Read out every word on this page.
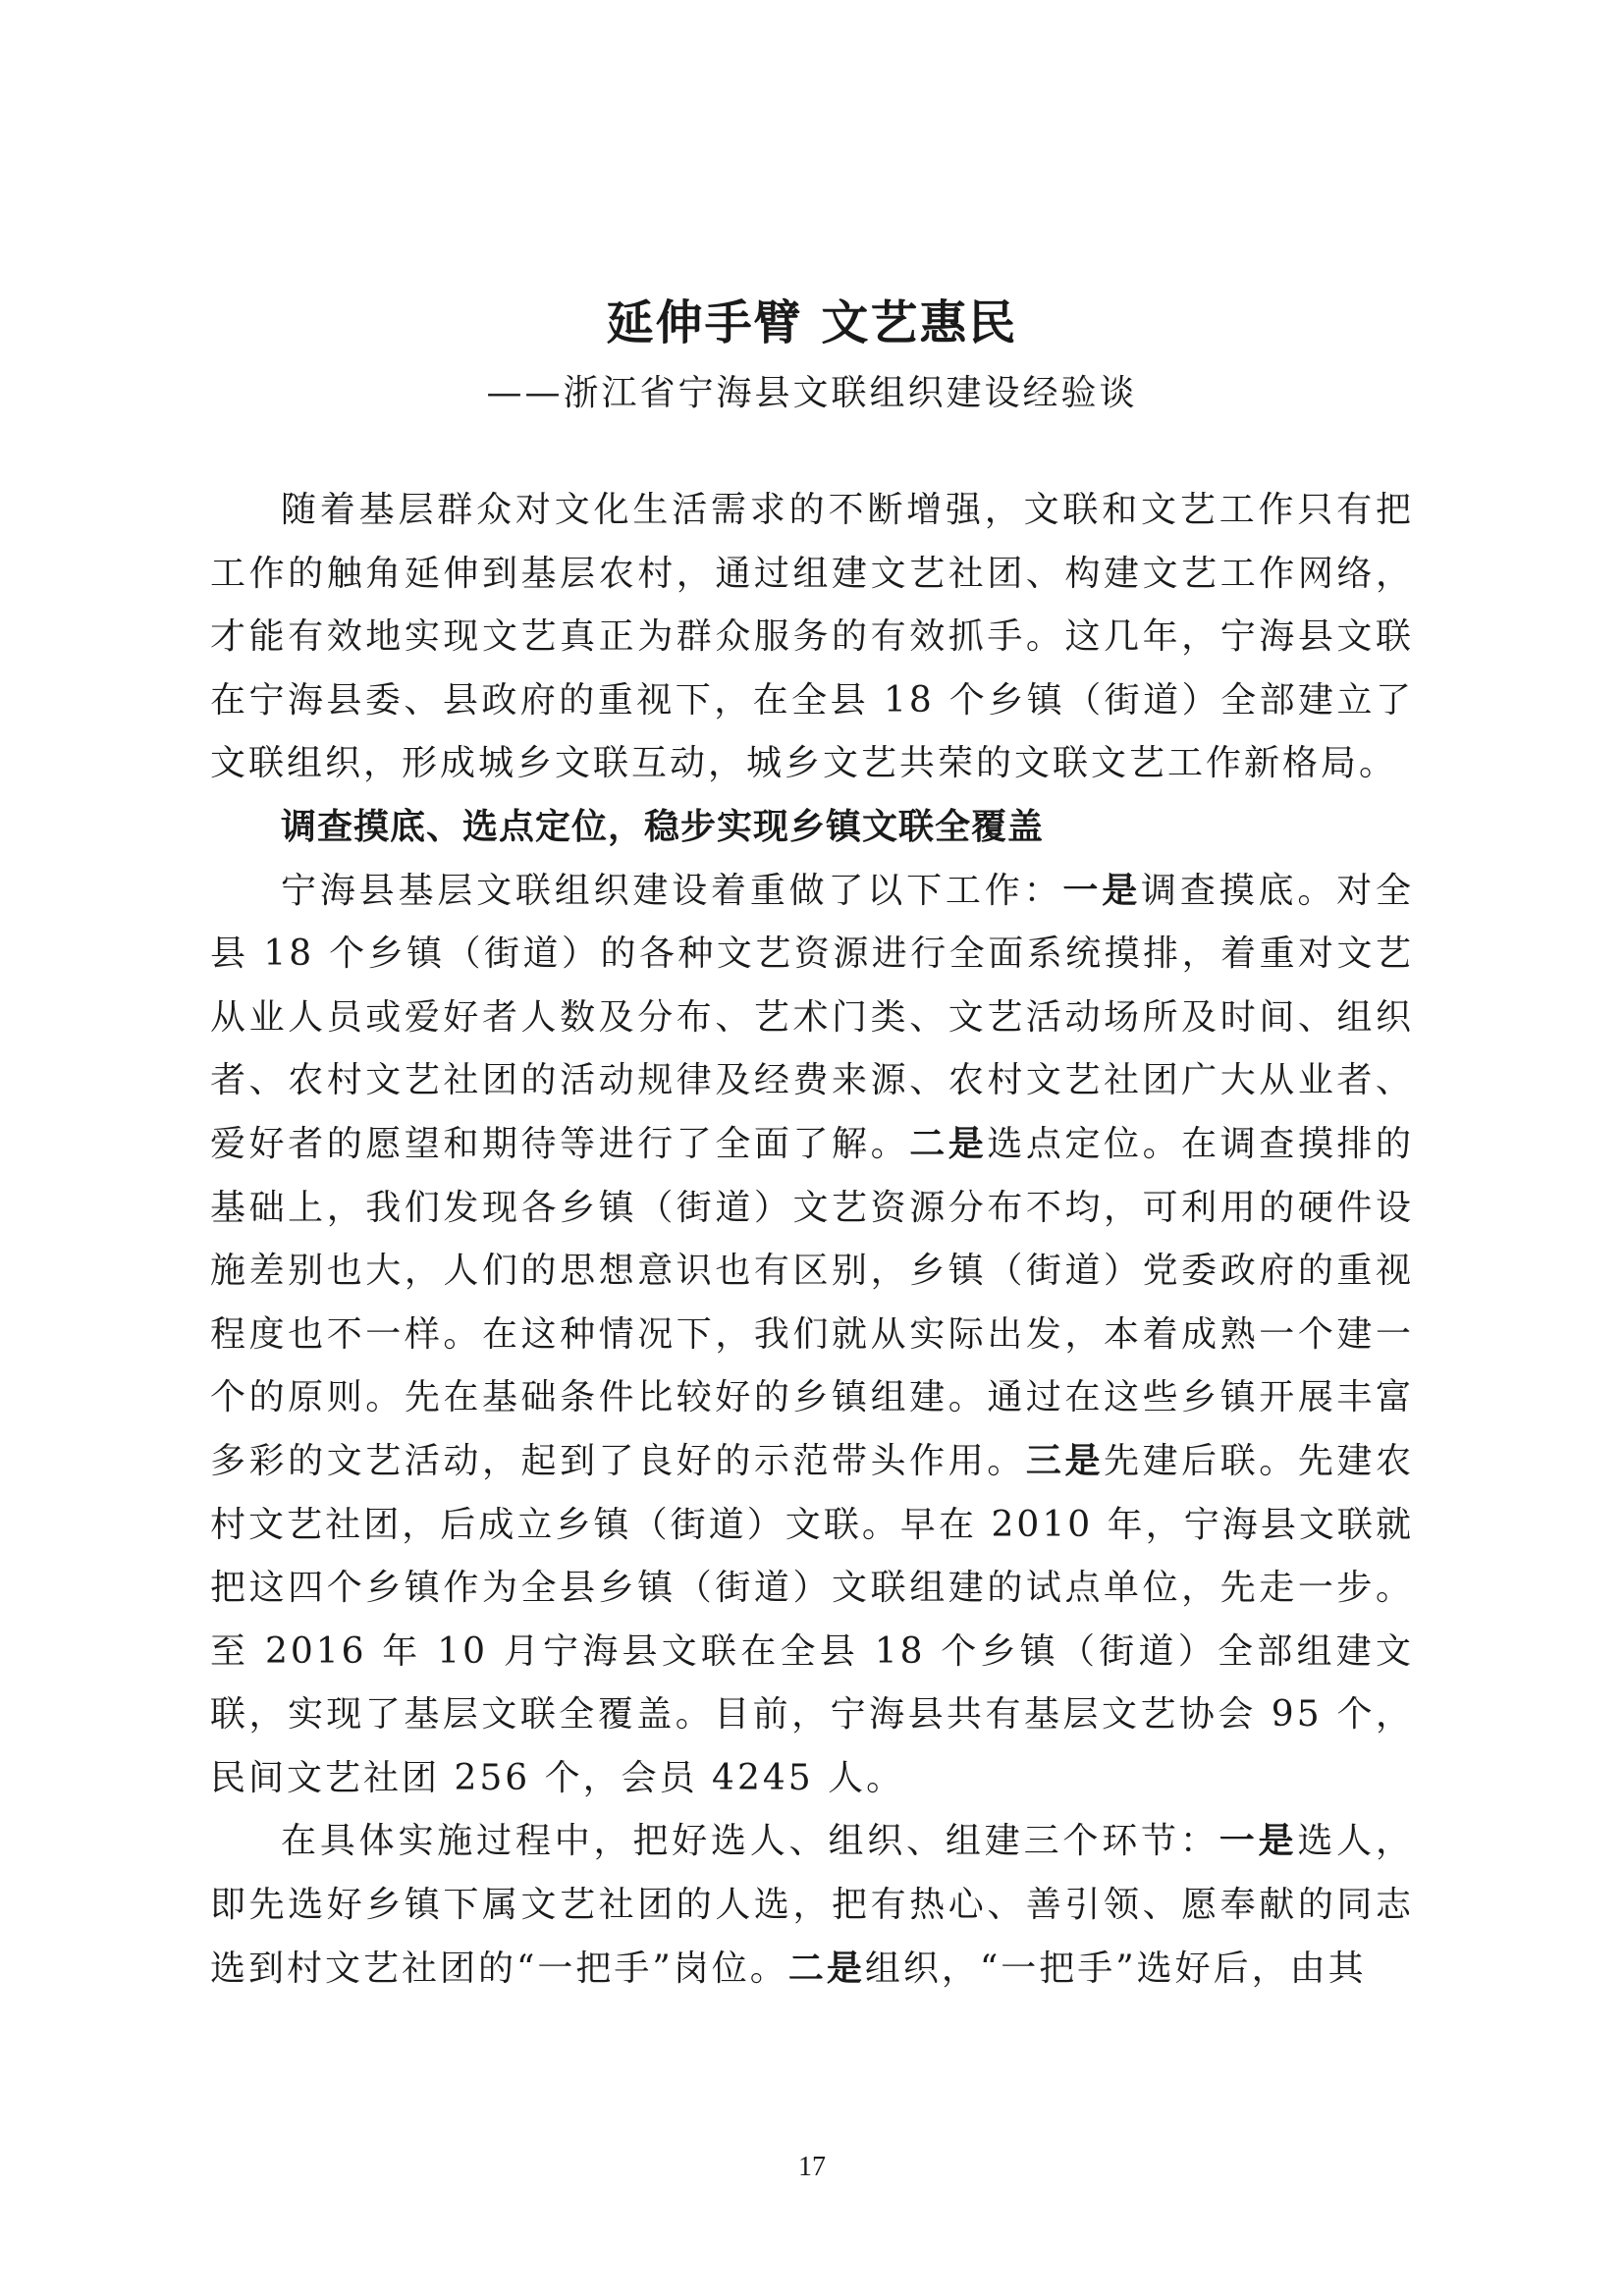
延伸手臂 文艺惠民
——浙江省宁海县文联组织建设经验谈

随着基层群众对文化生活需求的不断增强，文联和文艺工作只有把工作的触角延伸到基层农村，通过组建文艺社团、构建文艺工作网络，才能有效地实现文艺真正为群众服务的有效抓手。这几年，宁海县文联在宁海县委、县政府的重视下，在全县 18 个乡镇（街道）全部建立了文联组织，形成城乡文联互动，城乡文艺共荣的文联文艺工作新格局。

调查摸底、选点定位，稳步实现乡镇文联全覆盖

宁海县基层文联组织建设着重做了以下工作：一是调查摸底。对全县 18 个乡镇（街道）的各种文艺资源进行全面系统摸排，着重对文艺从业人员或爱好者人数及分布、艺术门类、文艺活动场所及时间、组织者、农村文艺社团的活动规律及经费来源、农村文艺社团广大从业者、爱好者的愿望和期待等进行了全面了解。二是选点定位。在调查摸排的基础上，我们发现各乡镇（街道）文艺资源分布不均，可利用的硬件设施差别也大，人们的思想意识也有区别，乡镇（街道）党委政府的重视程度也不一样。在这种情况下，我们就从实际出发，本着成熟一个建一个的原则。先在基础条件比较好的乡镇组建。通过在这些乡镇开展丰富多彩的文艺活动，起到了良好的示范带头作用。三是先建后联。先建农村文艺社团，后成立乡镇（街道）文联。早在 2010 年，宁海县文联就把这四个乡镇作为全县乡镇（街道）文联组建的试点单位，先走一步。至 2016 年 10 月宁海县文联在全县 18 个乡镇（街道）全部组建文联，实现了基层文联全覆盖。目前，宁海县共有基层文艺协会 95 个，民间文艺社团 256 个，会员 4245 人。

在具体实施过程中，把好选人、组织、组建三个环节：一是选人，即先选好乡镇下属文艺社团的人选，把有热心、善引领、愿奉献的同志选到村文艺社团的“一把手”岗位。二是组织，“一把手”选好后，由其

17
